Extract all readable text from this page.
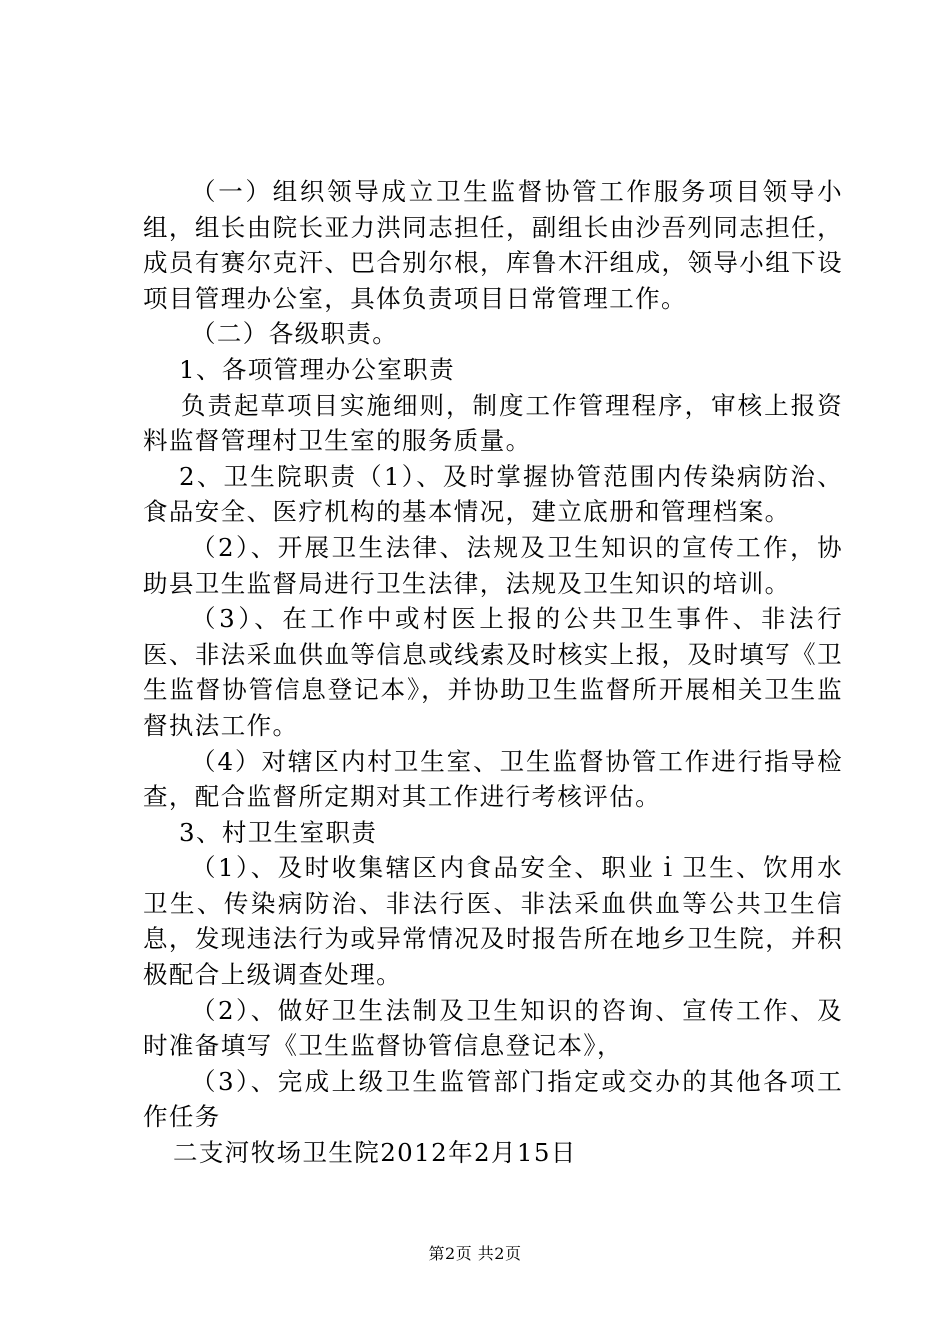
（一）组织领导成立卫生监督协管工作服务项目领导小组，组长由院长亚力洪同志担任，副组长由沙吾列同志担任，成员有赛尔克汗、巴合别尔根，库鲁木汗组成，领导小组下设项目管理办公室，具体负责项目日常管理工作。

（二）各级职责。

1、各项管理办公室职责

负责起草项目实施细则，制度工作管理程序，审核上报资料监督管理村卫生室的服务质量。

2、卫生院职责（1）、及时掌握协管范围内传染病防治、食品安全、医疗机构的基本情况，建立底册和管理档案。

（2）、开展卫生法律、法规及卫生知识的宣传工作，协助县卫生监督局进行卫生法律，法规及卫生知识的培训。

（3）、在工作中或村医上报的公共卫生事件、非法行医、非法采血供血等信息或线索及时核实上报，及时填写《卫生监督协管信息登记本》，并协助卫生监督所开展相关卫生监督执法工作。

（4）对辖区内村卫生室、卫生监督协管工作进行指导检查，配合监督所定期对其工作进行考核评估。

3、村卫生室职责

（1）、及时收集辖区内食品安全、职业ｉ卫生、饮用水卫生、传染病防治、非法行医、非法采血供血等公共卫生信息，发现违法行为或异常情况及时报告所在地乡卫生院，并积极配合上级调查处理。

（2）、做好卫生法制及卫生知识的咨询、宣传工作、及时准备填写《卫生监督协管信息登记本》，

（3）、完成上级卫生监管部门指定或交办的其他各项工作任务

二支河牧场卫生院2012年2月15日

第2页 共2页
